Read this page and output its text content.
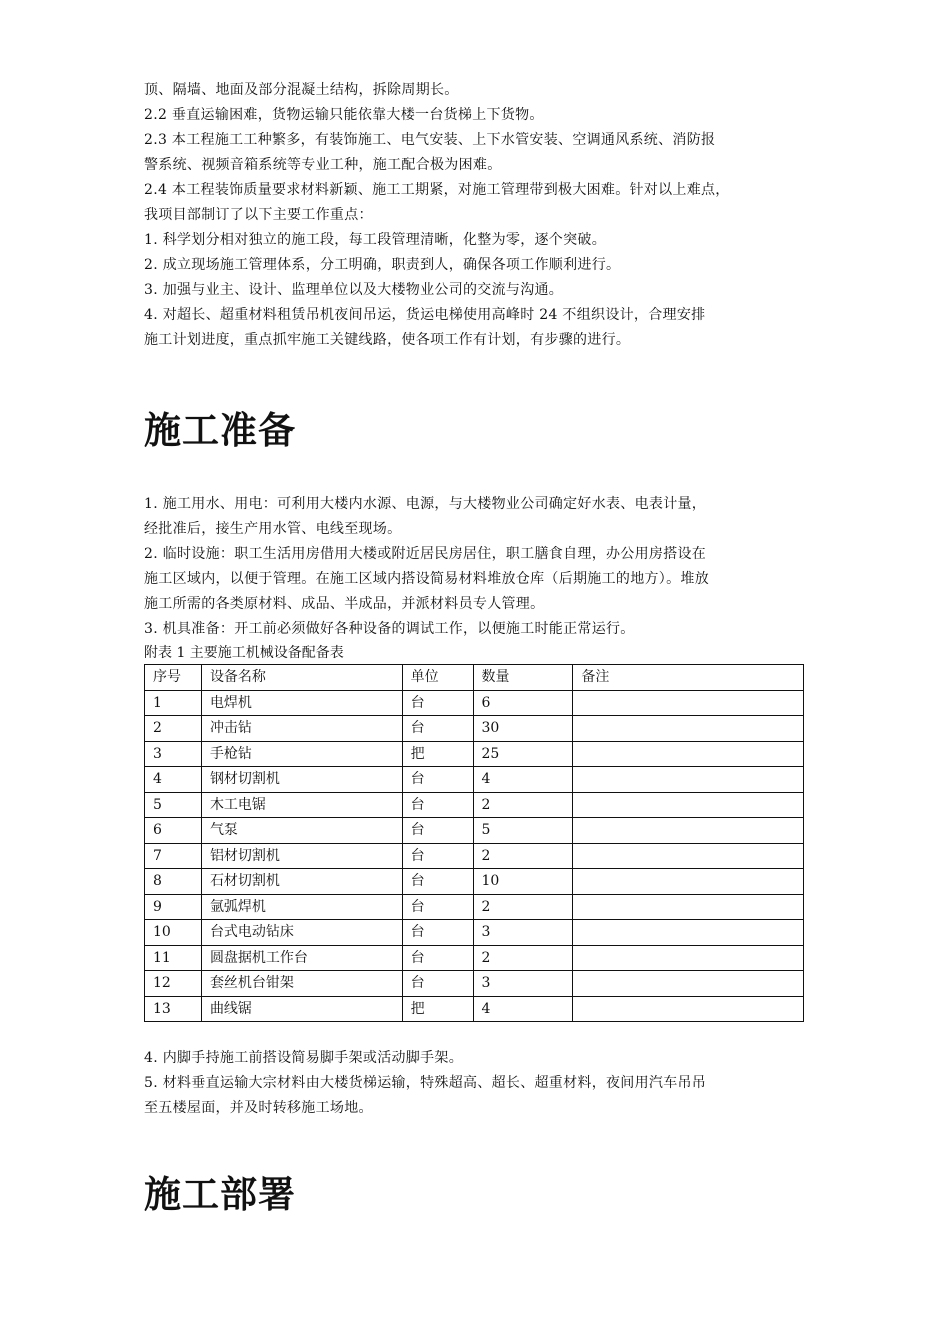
顶、隔墙、地面及部分混凝土结构，拆除周期长。
2.2 垂直运输困难，货物运输只能依靠大楼一台货梯上下货物。
2.3 本工程施工工种繁多，有装饰施工、电气安装、上下水管安装、空调通风系统、消防报
警系统、视频音箱系统等专业工种，施工配合极为困难。
2.4 本工程装饰质量要求材料新颖、施工工期紧，对施工管理带到极大困难。针对以上难点，
我项目部制订了以下主要工作重点：
1. 科学划分相对独立的施工段，每工段管理清晰，化整为零，逐个突破。
2. 成立现场施工管理体系，分工明确，职责到人，确保各项工作顺利进行。
3. 加强与业主、设计、监理单位以及大楼物业公司的交流与沟通。
4. 对超长、超重材料租赁吊机夜间吊运，货运电梯使用高峰时 24 不组织设计，合理安排
施工计划进度，重点抓牢施工关键线路，使各项工作有计划，有步骤的进行。

施工准备

1. 施工用水、用电：可利用大楼内水源、电源，与大楼物业公司确定好水表、电表计量，
经批准后，接生产用水管、电线至现场。
2. 临时设施：职工生活用房借用大楼或附近居民房居住，职工膳食自理，办公用房搭设在
施工区域内，以便于管理。在施工区域内搭设简易材料堆放仓库（后期施工的地方）。堆放
施工所需的各类原材料、成品、半成品，并派材料员专人管理。
3. 机具准备：开工前必须做好各种设备的调试工作，以便施工时能正常运行。

附表 1 主要施工机械设备配备表

序号	设备名称	单位	数量	备注
1	电焊机	台	6	
2	冲击钻	台	30	
3	手枪钻	把	25	
4	钢材切割机	台	4	
5	木工电锯	台	2	
6	气泵	台	5	
7	铝材切割机	台	2	
8	石材切割机	台	10	
9	氩弧焊机	台	2	
10	台式电动钻床	台	3	
11	圆盘据机工作台	台	2	
12	套丝机台钳架	台	3	
13	曲线锯	把	4	

4. 内脚手持施工前搭设简易脚手架或活动脚手架。
5. 材料垂直运输大宗材料由大楼货梯运输，特殊超高、超长、超重材料，夜间用汽车吊吊
至五楼屋面，并及时转移施工场地。

施工部署
